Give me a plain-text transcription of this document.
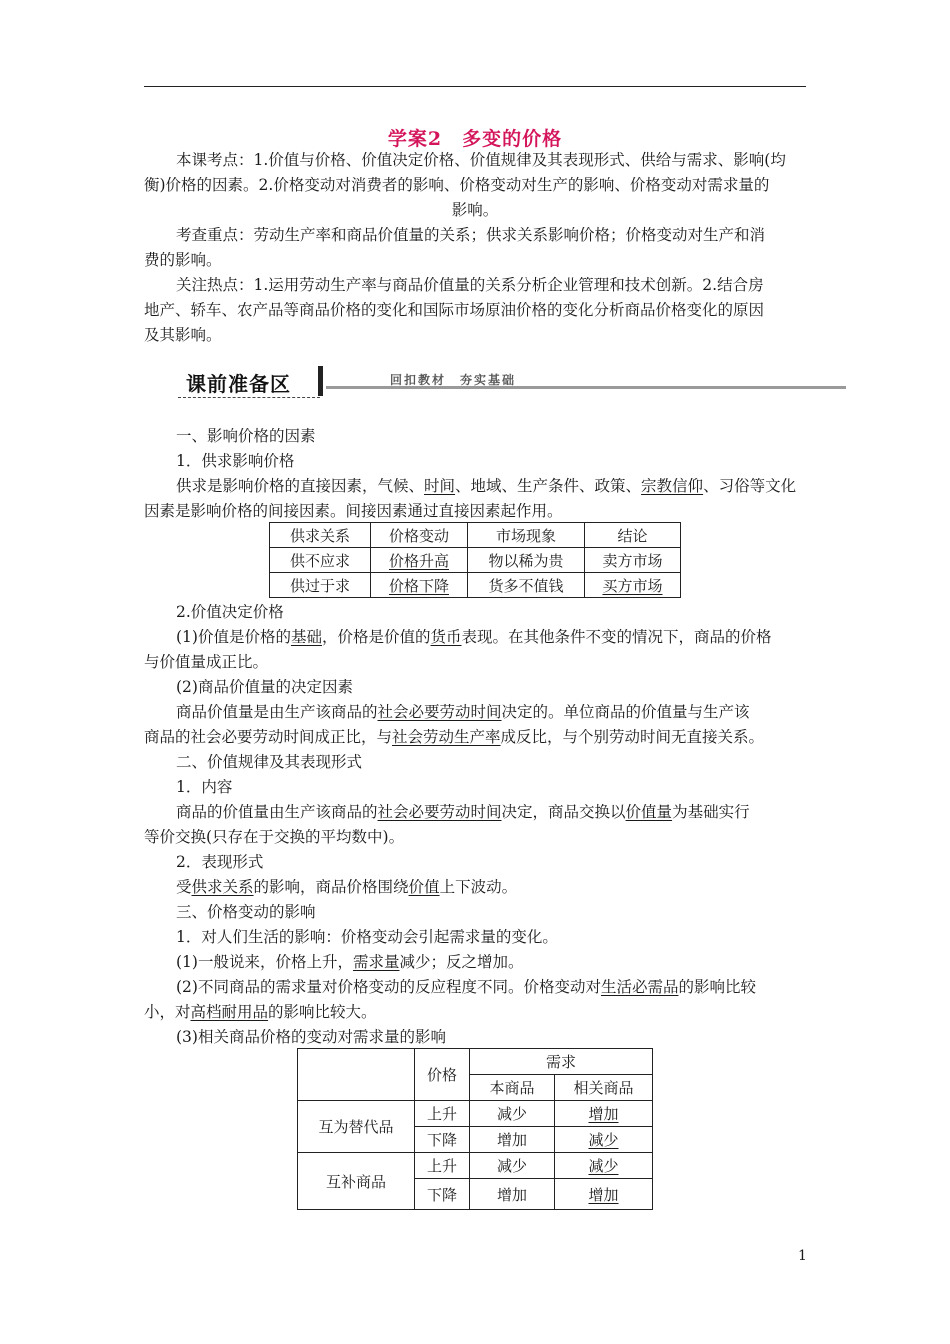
学案2　多变的价格
本课考点：1.价值与价格、价值决定价格、价值规律及其表现形式、供给与需求、影响(均
衡)价格的因素。2.价格变动对消费者的影响、价格变动对生产的影响、价格变动对需求量的
影响。
考查重点：劳动生产率和商品价值量的关系；供求关系影响价格；价格变动对生产和消
费的影响。
关注热点：1.运用劳动生产率与商品价值量的关系分析企业管理和技术创新。2.结合房
地产、轿车、农产品等商品价格的变化和国际市场原油价格的变化分析商品价格变化的原因
及其影响。
课前准备区	回扣教材　夯实基础
一、影响价格的因素
1．供求影响价格
供求是影响价格的直接因素，气候、时间、地域、生产条件、政策、宗教信仰、习俗等文化
因素是影响价格的间接因素。间接因素通过直接因素起作用。
供求关系	价格变动	市场现象	结论
供不应求	价格升高	物以稀为贵	卖方市场
供过于求	价格下降	货多不值钱	买方市场
2.价值决定价格
(1)价值是价格的基础，价格是价值的货币表现。在其他条件不变的情况下，商品的价格
与价值量成正比。
(2)商品价值量的决定因素
商品价值量是由生产该商品的社会必要劳动时间决定的。单位商品的价值量与生产该
商品的社会必要劳动时间成正比，与社会劳动生产率成反比，与个别劳动时间无直接关系。
二、价值规律及其表现形式
1．内容
商品的价值量由生产该商品的社会必要劳动时间决定，商品交换以价值量为基础实行
等价交换(只存在于交换的平均数中)。
2．表现形式
受供求关系的影响，商品价格围绕价值上下波动。
三、价格变动的影响
1．对人们生活的影响：价格变动会引起需求量的变化。
(1)一般说来，价格上升，需求量减少；反之增加。
(2)不同商品的需求量对价格变动的反应程度不同。价格变动对生活必需品的影响比较
小，对高档耐用品的影响比较大。
(3)相关商品价格的变动对需求量的影响
	价格	需求	
		本商品	相关商品
互为替代品	上升	减少	增加
	下降	增加	减少
互补商品	上升	减少	减少
	下降	增加	增加
1
